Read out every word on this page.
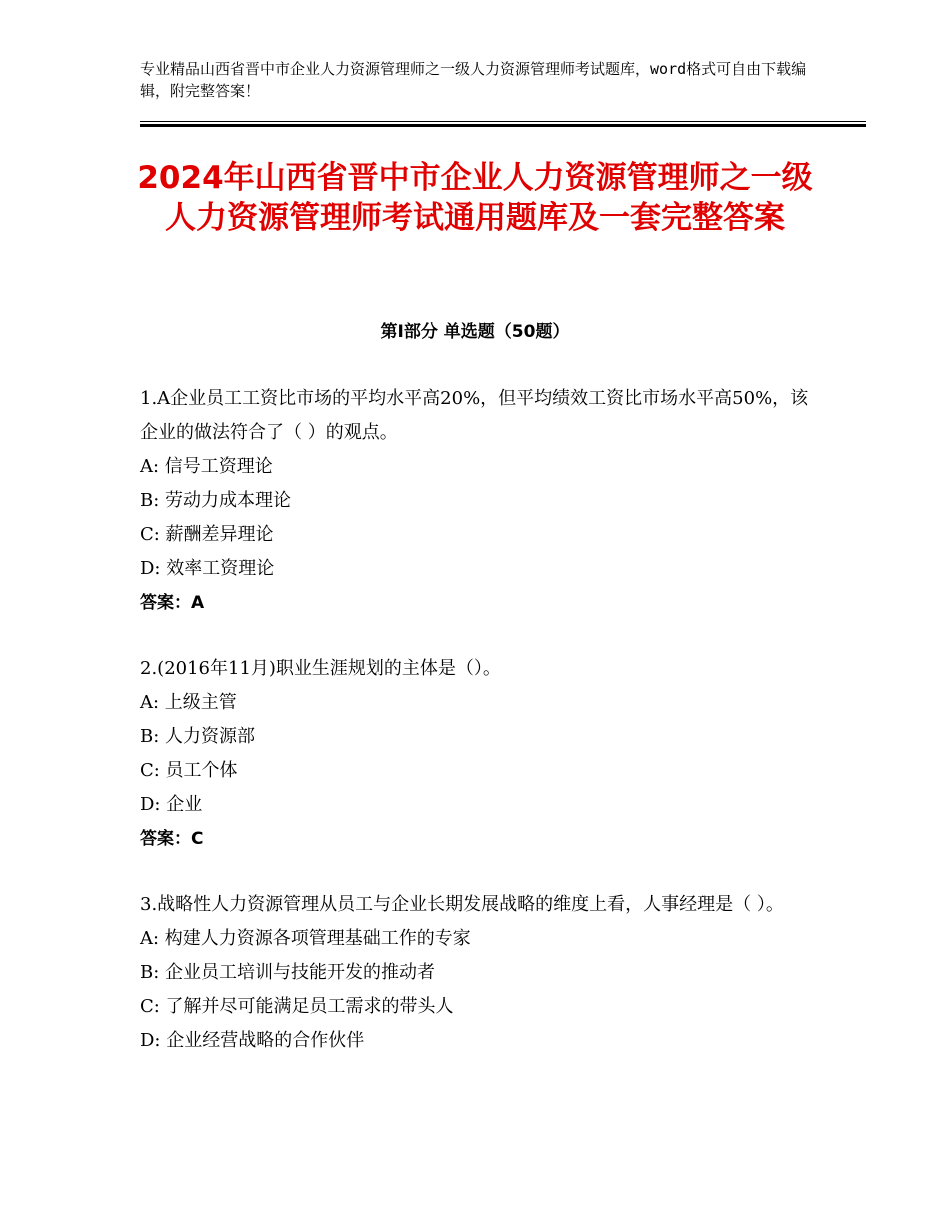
专业精品山西省晋中市企业人力资源管理师之一级人力资源管理师考试题库，word格式可自由下载编辑，附完整答案！
2024年山西省晋中市企业人力资源管理师之一级人力资源管理师考试通用题库及一套完整答案
第Ⅰ部分 单选题（50题）
1.A企业员工工资比市场的平均水平高20%，但平均绩效工资比市场水平高50%，该企业的做法符合了（ ）的观点。
A: 信号工资理论
B: 劳动力成本理论
C: 薪酬差异理论
D: 效率工资理论
答案：A
2.(2016年11月)职业生涯规划的主体是（）。
A: 上级主管
B: 人力资源部
C: 员工个体
D: 企业
答案：C
3.战略性人力资源管理从员工与企业长期发展战略的维度上看，人事经理是（ ）。
A: 构建人力资源各项管理基础工作的专家
B: 企业员工培训与技能开发的推动者
C: 了解并尽可能满足员工需求的带头人
D: 企业经营战略的合作伙伴
